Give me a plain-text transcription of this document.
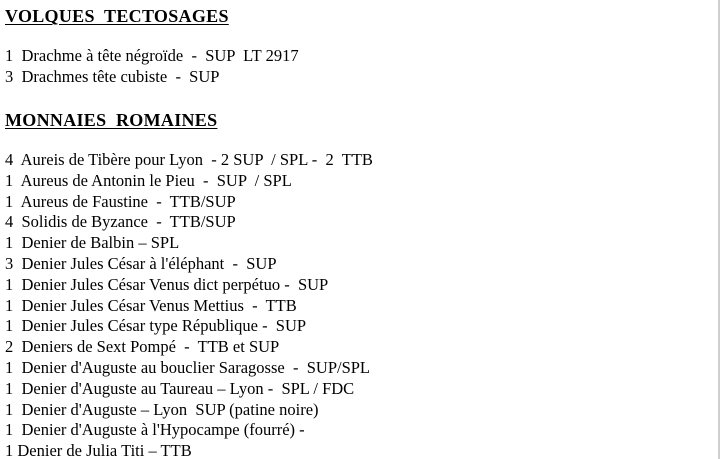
VOLQUES  TECTOSAGES
1  Drachme à tête négroïde  -  SUP  LT 2917
3  Drachmes tête cubiste  -  SUP
MONNAIES  ROMAINES
4  Aureis de Tibère pour Lyon  - 2 SUP  / SPL -  2  TTB
1  Aureus de Antonin le Pieu  -  SUP  / SPL
1  Aureus de Faustine  -  TTB/SUP
4  Solidis de Byzance  -  TTB/SUP
1  Denier de Balbin – SPL
3  Denier Jules César à l'éléphant  -  SUP
1  Denier Jules César Venus dict perpétuo -  SUP
1  Denier Jules César Venus Mettius  -  TTB
1  Denier Jules César type République -  SUP
2  Deniers de Sext Pompé  -  TTB et SUP
1  Denier d'Auguste au bouclier Saragosse  -  SUP/SPL
1  Denier d'Auguste au Taureau – Lyon -  SPL / FDC
1  Denier d'Auguste – Lyon  SUP (patine noire)
1  Denier d'Auguste à l'Hypocampe (fourré) -
1 Denier de Julia Titi – TTB
